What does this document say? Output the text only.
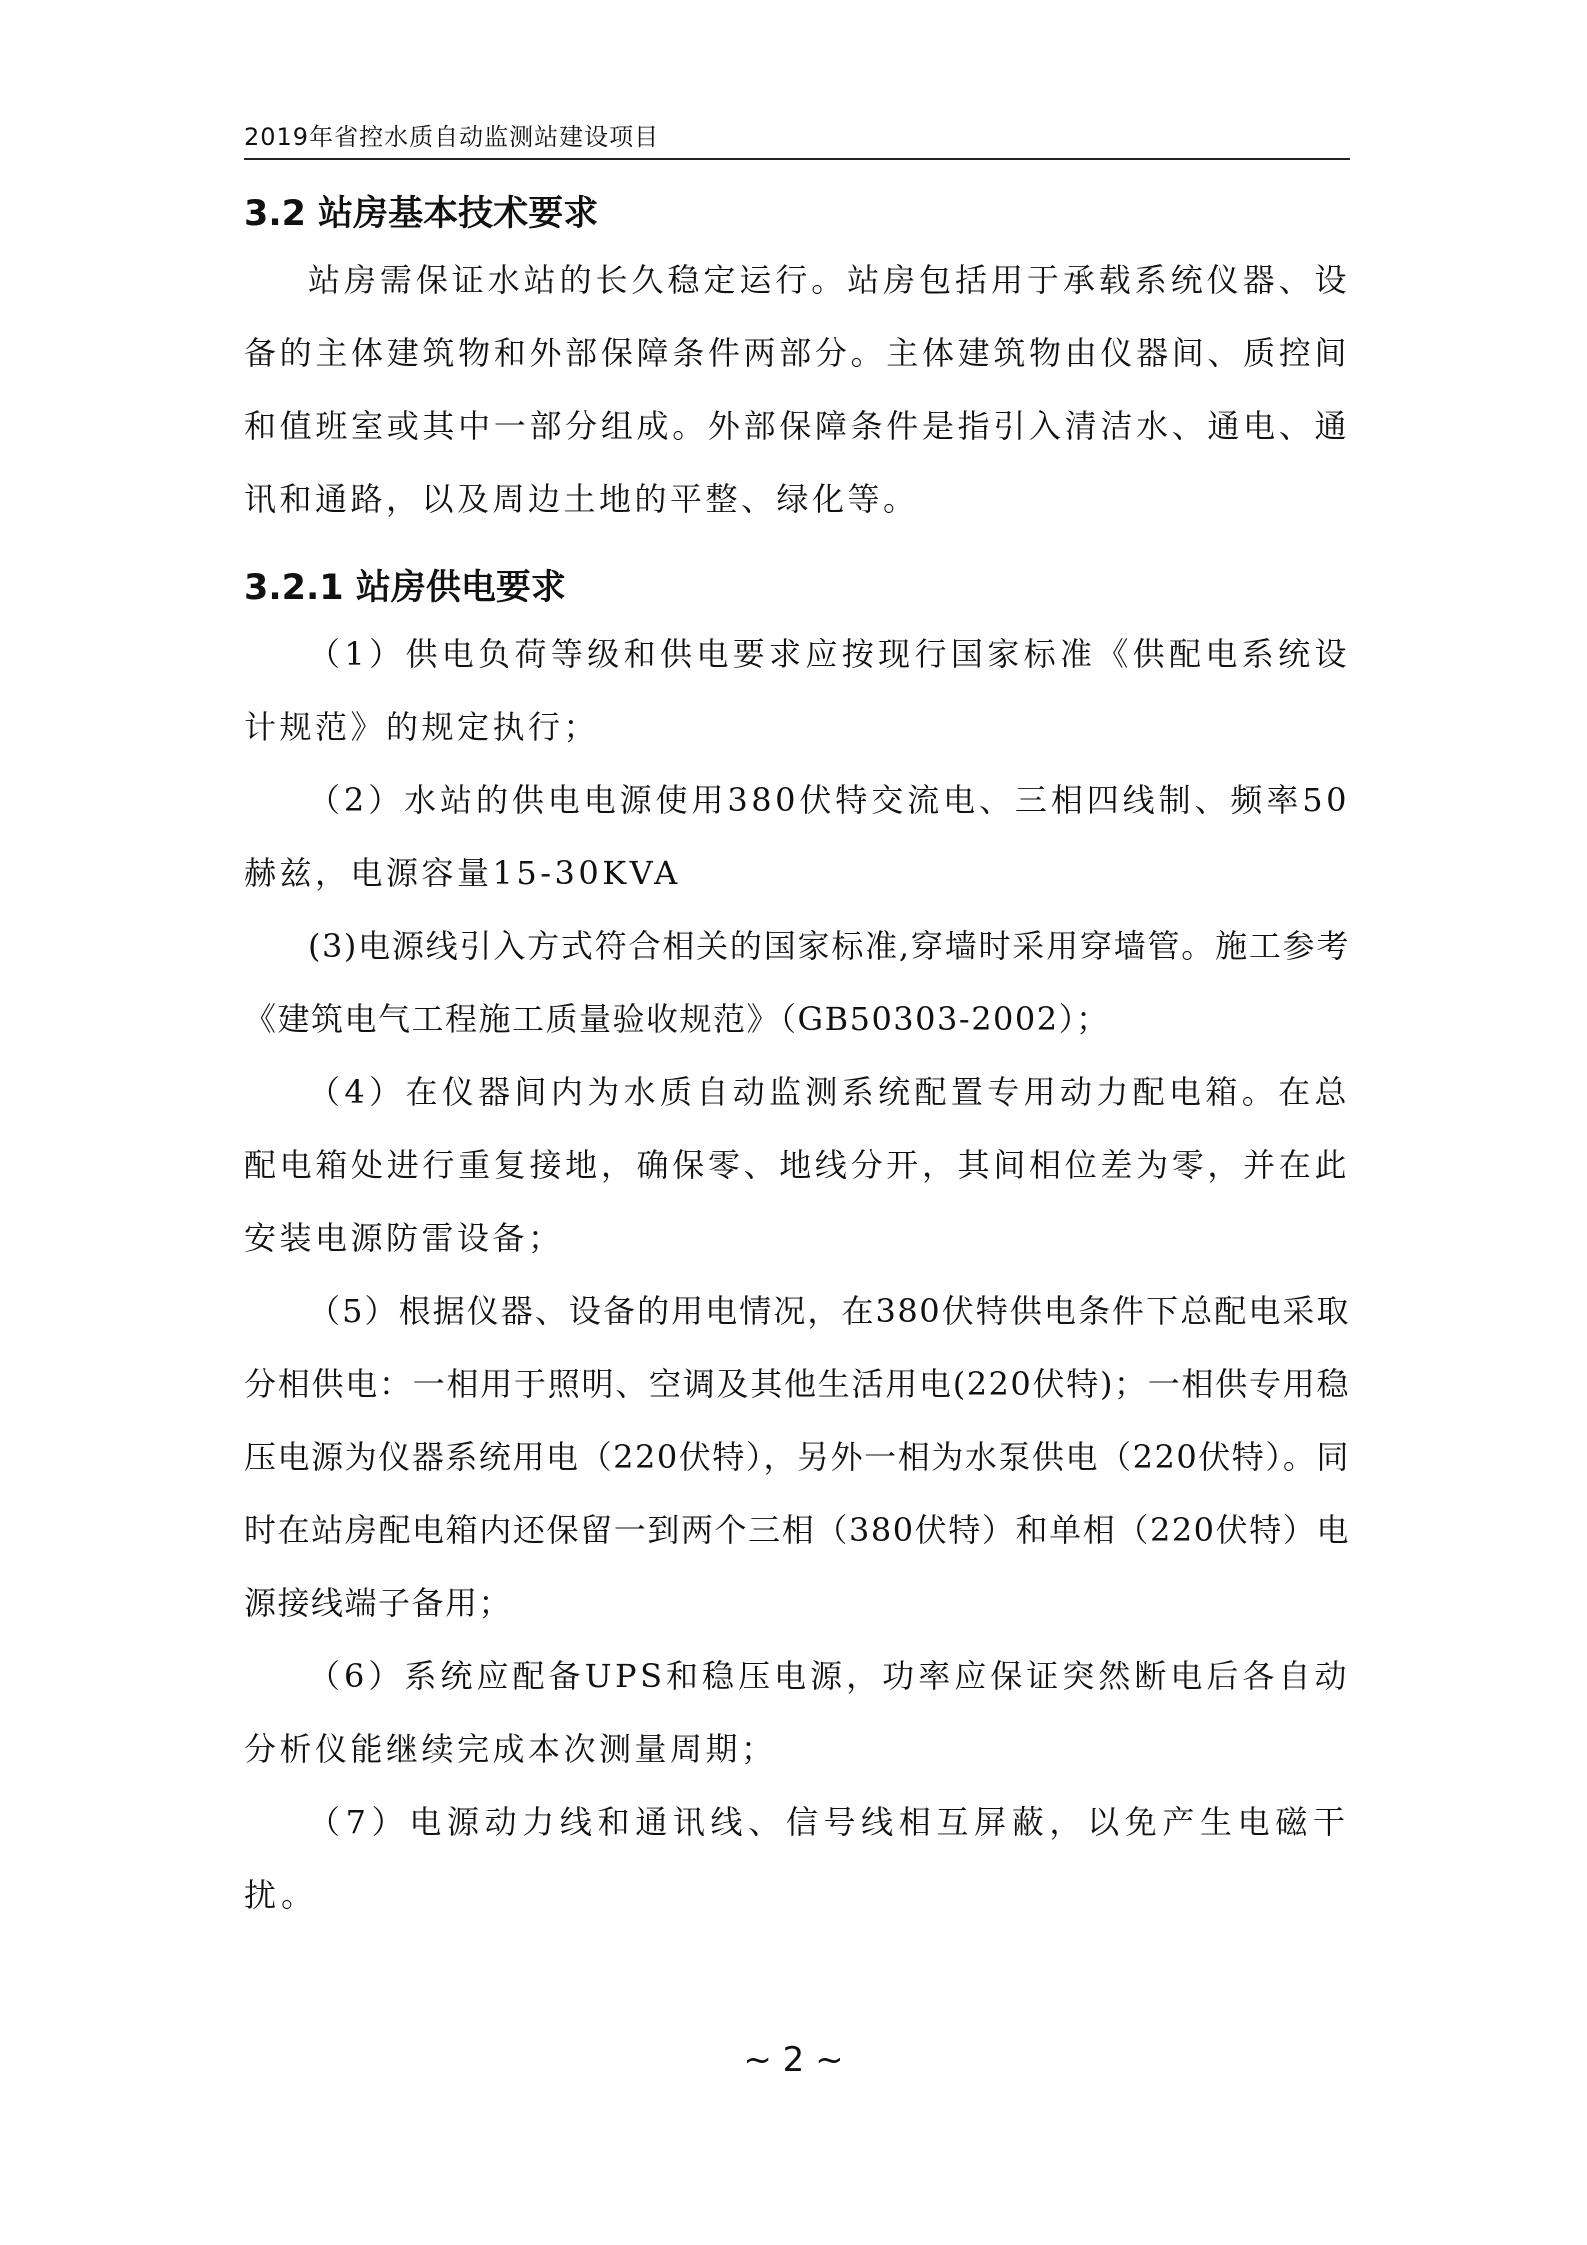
2019年省控水质自动监测站建设项目
3.2 站房基本技术要求

站房需保证水站的长久稳定运行。站房包括用于承载系统仪器、设备的主体建筑物和外部保障条件两部分。主体建筑物由仪器间、质控间和值班室或其中一部分组成。外部保障条件是指引入清洁水、通电、通讯和通路，以及周边土地的平整、绿化等。

3.2.1 站房供电要求

（1）供电负荷等级和供电要求应按现行国家标准《供配电系统设计规范》的规定执行；

（2）水站的供电电源使用380伏特交流电、三相四线制、频率50赫兹，电源容量15-30KVA

(3)电源线引入方式符合相关的国家标准,穿墙时采用穿墙管。施工参考《建筑电气工程施工质量验收规范》（GB50303-2002）；

（4）在仪器间内为水质自动监测系统配置专用动力配电箱。在总配电箱处进行重复接地，确保零、地线分开，其间相位差为零，并在此安装电源防雷设备；

（5）根据仪器、设备的用电情况，在380伏特供电条件下总配电采取分相供电：一相用于照明、空调及其他生活用电(220伏特)；一相供专用稳压电源为仪器系统用电（220伏特），另外一相为水泵供电（220伏特）。同时在站房配电箱内还保留一到两个三相（380伏特）和单相（220伏特）电源接线端子备用；

（6）系统应配备UPS和稳压电源，功率应保证突然断电后各自动分析仪能继续完成本次测量周期；

（7）电源动力线和通讯线、信号线相互屏蔽，以免产生电磁干扰。

~ 2 ~
